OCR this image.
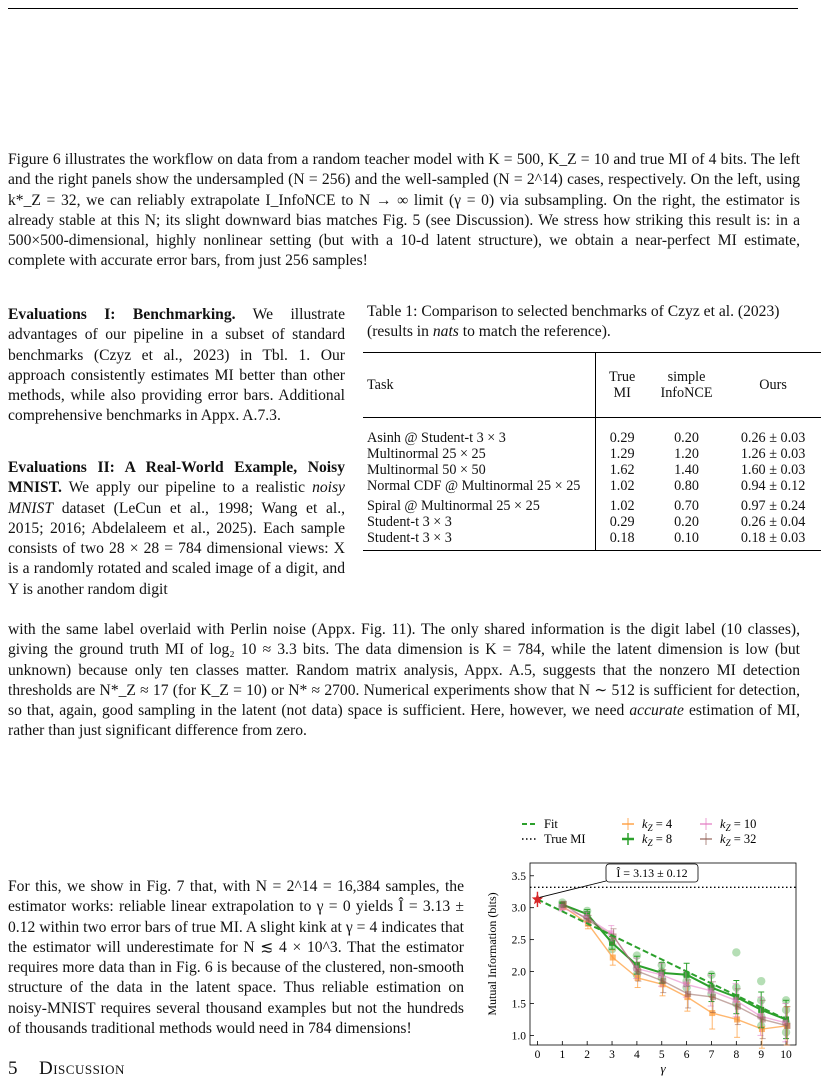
Figure 6 illustrates the workflow on data from a random teacher model with K = 500, K_Z = 10 and true MI of 4 bits. The left and the right panels show the undersampled (N = 256) and the well-sampled (N = 2^14) cases, respectively. On the left, using k*_Z = 32, we can reliably extrapolate I_InfoNCE to N → ∞ limit (γ = 0) via subsampling. On the right, the estimator is already stable at this N; its slight downward bias matches Fig. 5 (see Discussion). We stress how striking this result is: in a 500×500-dimensional, highly nonlinear setting (but with a 10-d latent structure), we obtain a near-perfect MI estimate, complete with accurate error bars, from just 256 samples!

Evaluations I: Benchmarking. We illustrate advantages of our pipeline in a subset of standard benchmarks (Czyz et al., 2023) in Tbl. 1. Our approach consistently estimates MI better than other methods, while also providing error bars. Additional comprehensive benchmarks in Appx. A.7.3.

Evaluations II: A Real-World Example, Noisy MNIST. We apply our pipeline to a realistic noisy MNIST dataset (LeCun et al., 1998; Wang et al., 2015; 2016; Abdelaleem et al., 2025). Each sample consists of two 28 × 28 = 784 dimensional views: X is a randomly rotated and scaled image of a digit, and Y is another random digit

with the same label overlaid with Perlin noise (Appx. Fig. 11). The only shared information is the digit label (10 classes), giving the ground truth MI of log₂ 10 ≈ 3.3 bits. The data dimension is K = 784, while the latent dimension is low (but unknown) because only ten classes matter. Random matrix analysis, Appx. A.5, suggests that the nonzero MI detection thresholds are N*_Z ≈ 17 (for K_Z = 10) or N* ≈ 2700. Numerical experiments show that N ∼ 512 is sufficient for detection, so that, again, good sampling in the latent (not data) space is sufficient. Here, however, we need accurate estimation of MI, rather than just significant difference from zero.

For this, we show in Fig. 7 that, with N = 2^14 = 16,384 samples, the estimator works: reliable linear extrapolation to γ = 0 yields Î = 3.13 ± 0.12 within two error bars of true MI. A slight kink at γ = 4 indicates that the estimator will underestimate for N ≲ 4 × 10^3. That the estimator requires more data than in Fig. 6 is because of the clustered, non-smooth structure of the data in the latent space. Thus reliable estimation on noisy-MNIST requires several thousand examples but not the hundreds of thousands traditional methods would need in 784 dimensions!

5 Discussion

Table 1: Comparison to selected benchmarks of Czyz et al. (2023) (results in nats to match the reference).

Task	True MI	simple InfoNCE	Ours
Asinh @ Student-t 3 × 3	0.29	0.20	0.26 ± 0.03
Multinormal 25 × 25	1.29	1.20	1.26 ± 0.03
Multinormal 50 × 50	1.62	1.40	1.60 ± 0.03
Normal CDF @ Multinormal 25 × 25	1.02	0.80	0.94 ± 0.12
Spiral @ Multinormal 25 × 25	1.02	0.70	0.97 ± 0.24
Student-t 3 × 3	0.29	0.20	0.26 ± 0.04
Student-t 3 × 3	0.18	0.10	0.18 ± 0.03
Fit
True MI
$k_Z = 4$
$k_Z = 8$
$k_Z = 10$
$k_Z = 32$
0 1 2 3 4 5 6 7 8 9 10
1.0
1.5
2.0
2.5
3.0
3.5	Î = 3.13 ± 0.12
Mutual Information (bits)
γ
